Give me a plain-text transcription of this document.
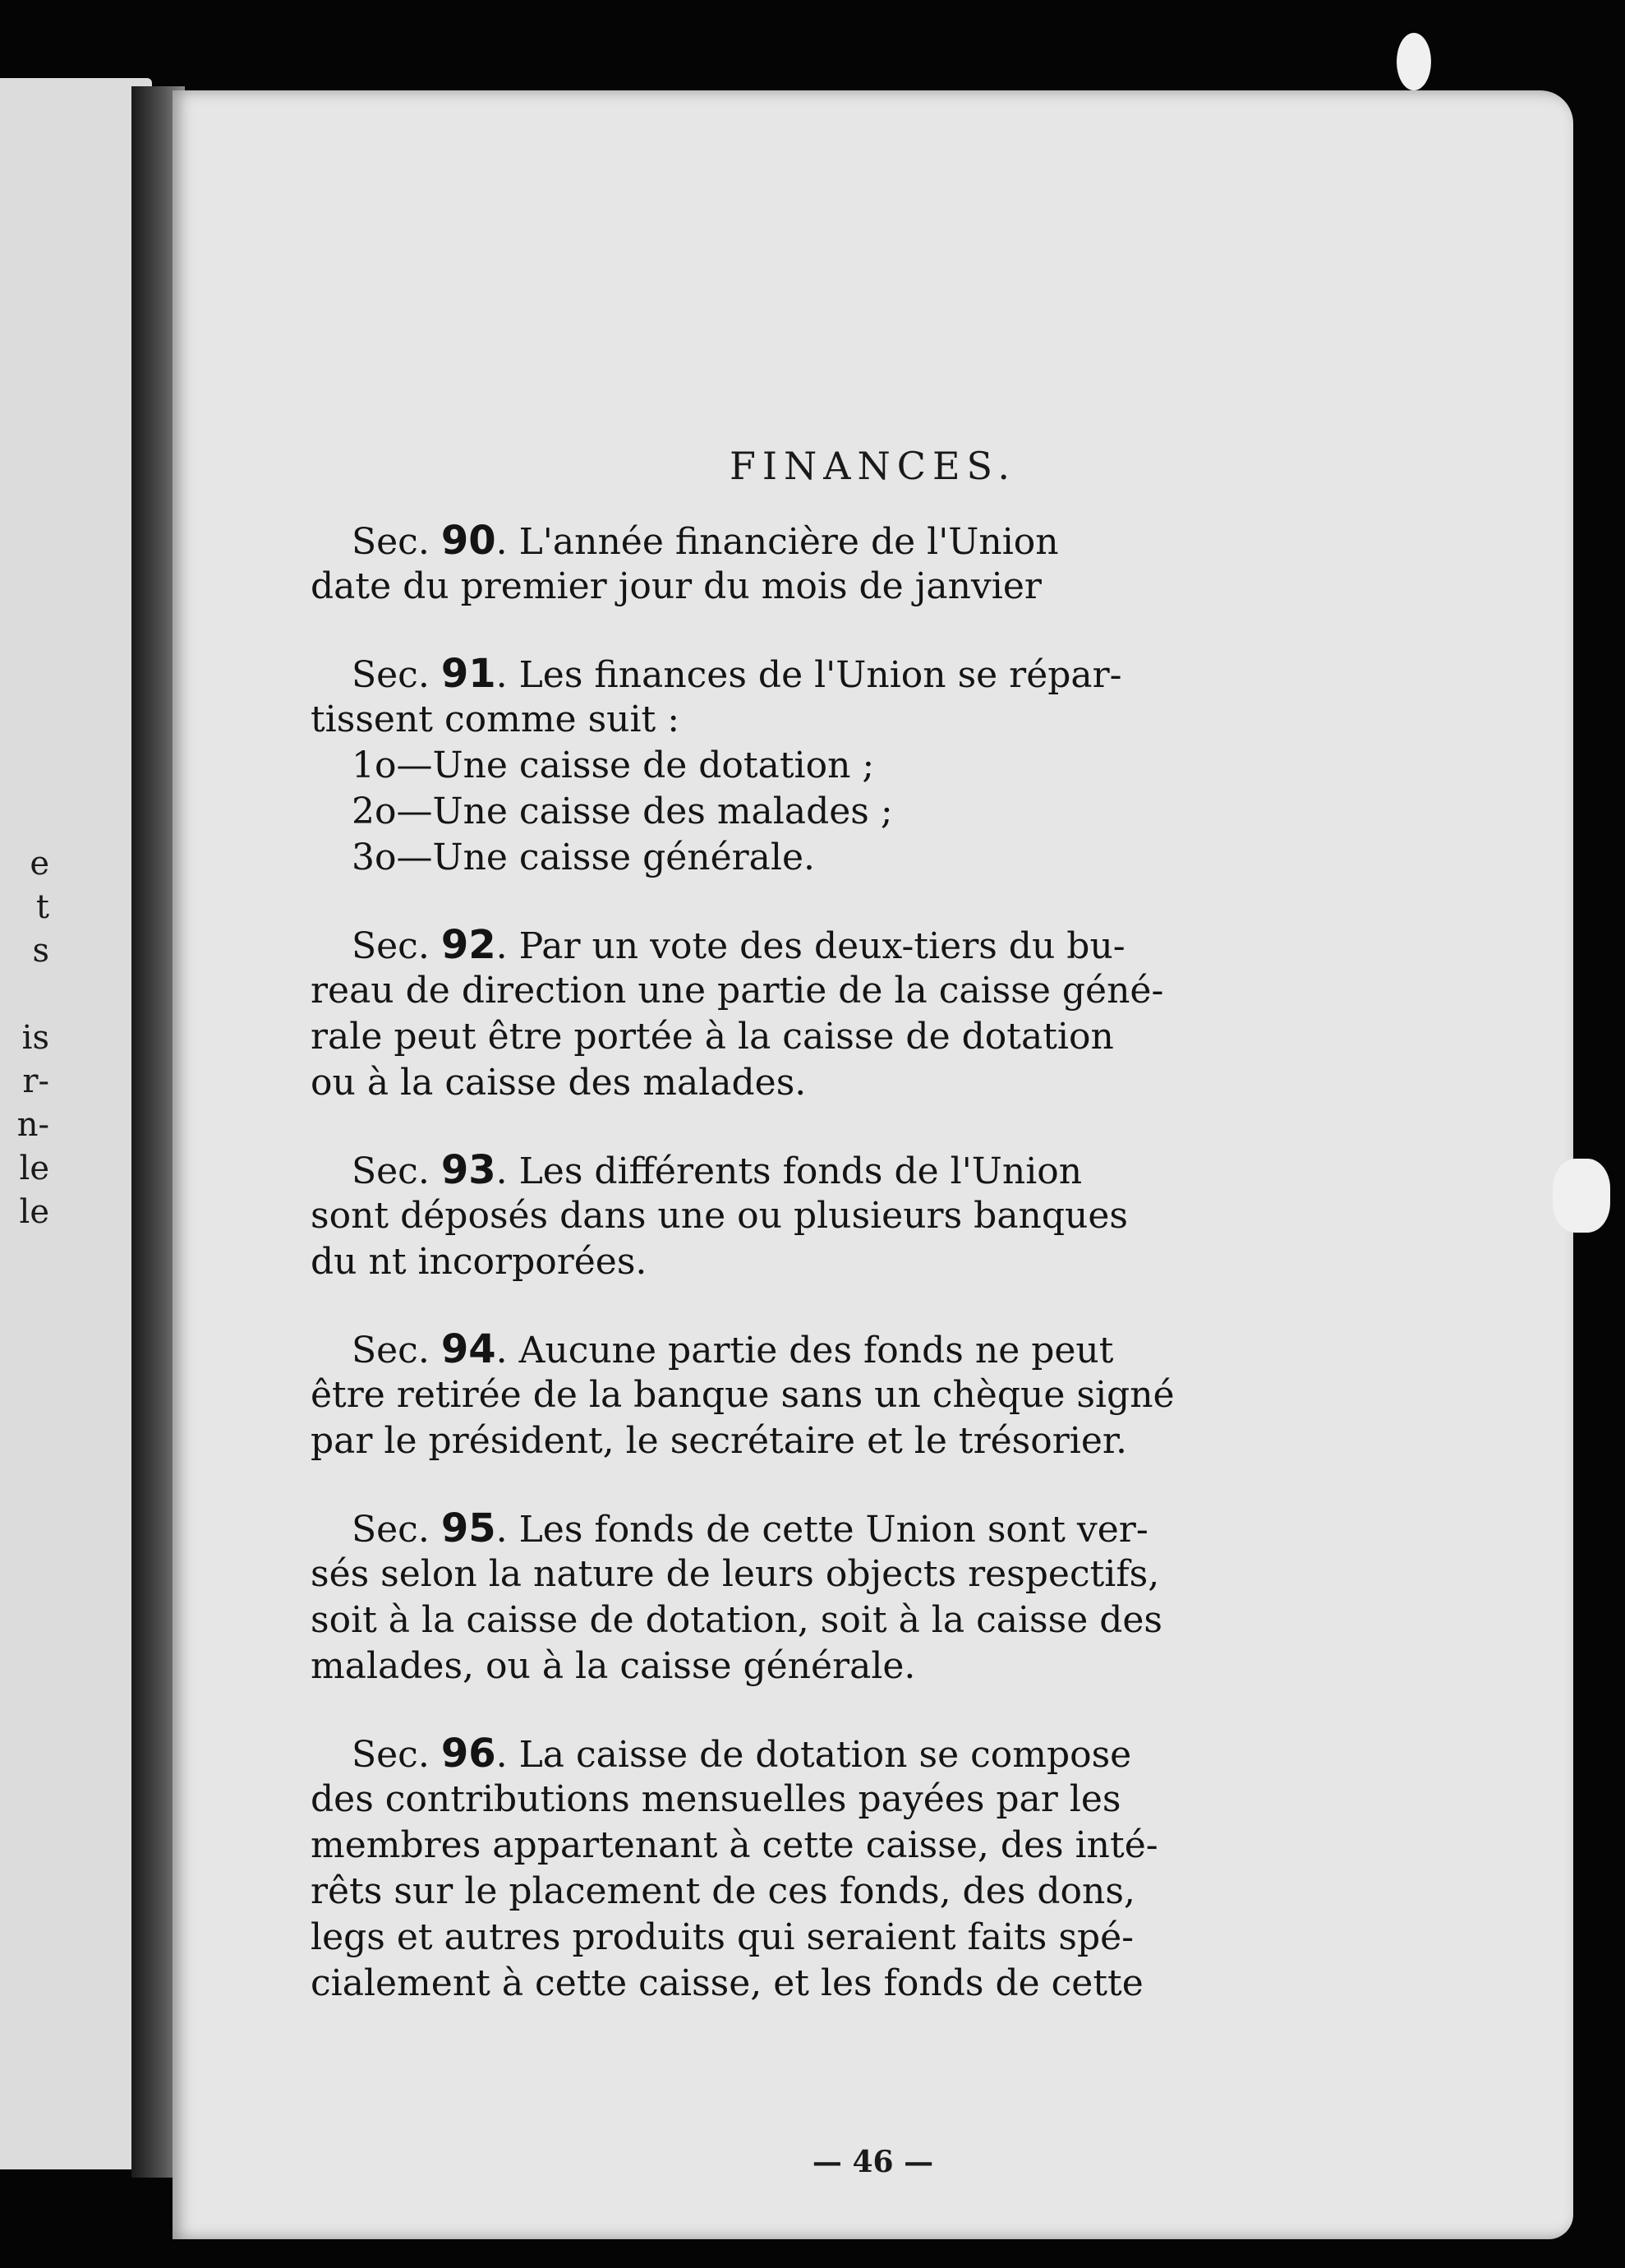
e
t
s
is
r-
n-
le
le
FINANCES.
Sec. 90. L'année financière de l'Union
date du premier jour du mois de janvier
Sec. 91. Les finances de l'Union se répar-
tissent comme suit :
1o—Une caisse de dotation ;
2o—Une caisse des malades ;
3o—Une caisse générale.
Sec. 92. Par un vote des deux-tiers du bu-
reau de direction une partie de la caisse géné-
rale peut être portée à la caisse de dotation
ou à la caisse des malades.
Sec. 93. Les différents fonds de l'Union
sont déposés dans une ou plusieurs banques
du nt incorporées.
Sec. 94. Aucune partie des fonds ne peut
être retirée de la banque sans un chèque signé
par le président, le secrétaire et le trésorier.
Sec. 95. Les fonds de cette Union sont ver-
sés selon la nature de leurs objects respectifs,
soit à la caisse de dotation, soit à la caisse des
malades, ou à la caisse générale.
Sec. 96. La caisse de dotation se compose
des contributions mensuelles payées par les
membres appartenant à cette caisse, des inté-
rêts sur le placement de ces fonds, des dons,
legs et autres produits qui seraient faits spé-
cialement à cette caisse, et les fonds de cette
— 46 —
